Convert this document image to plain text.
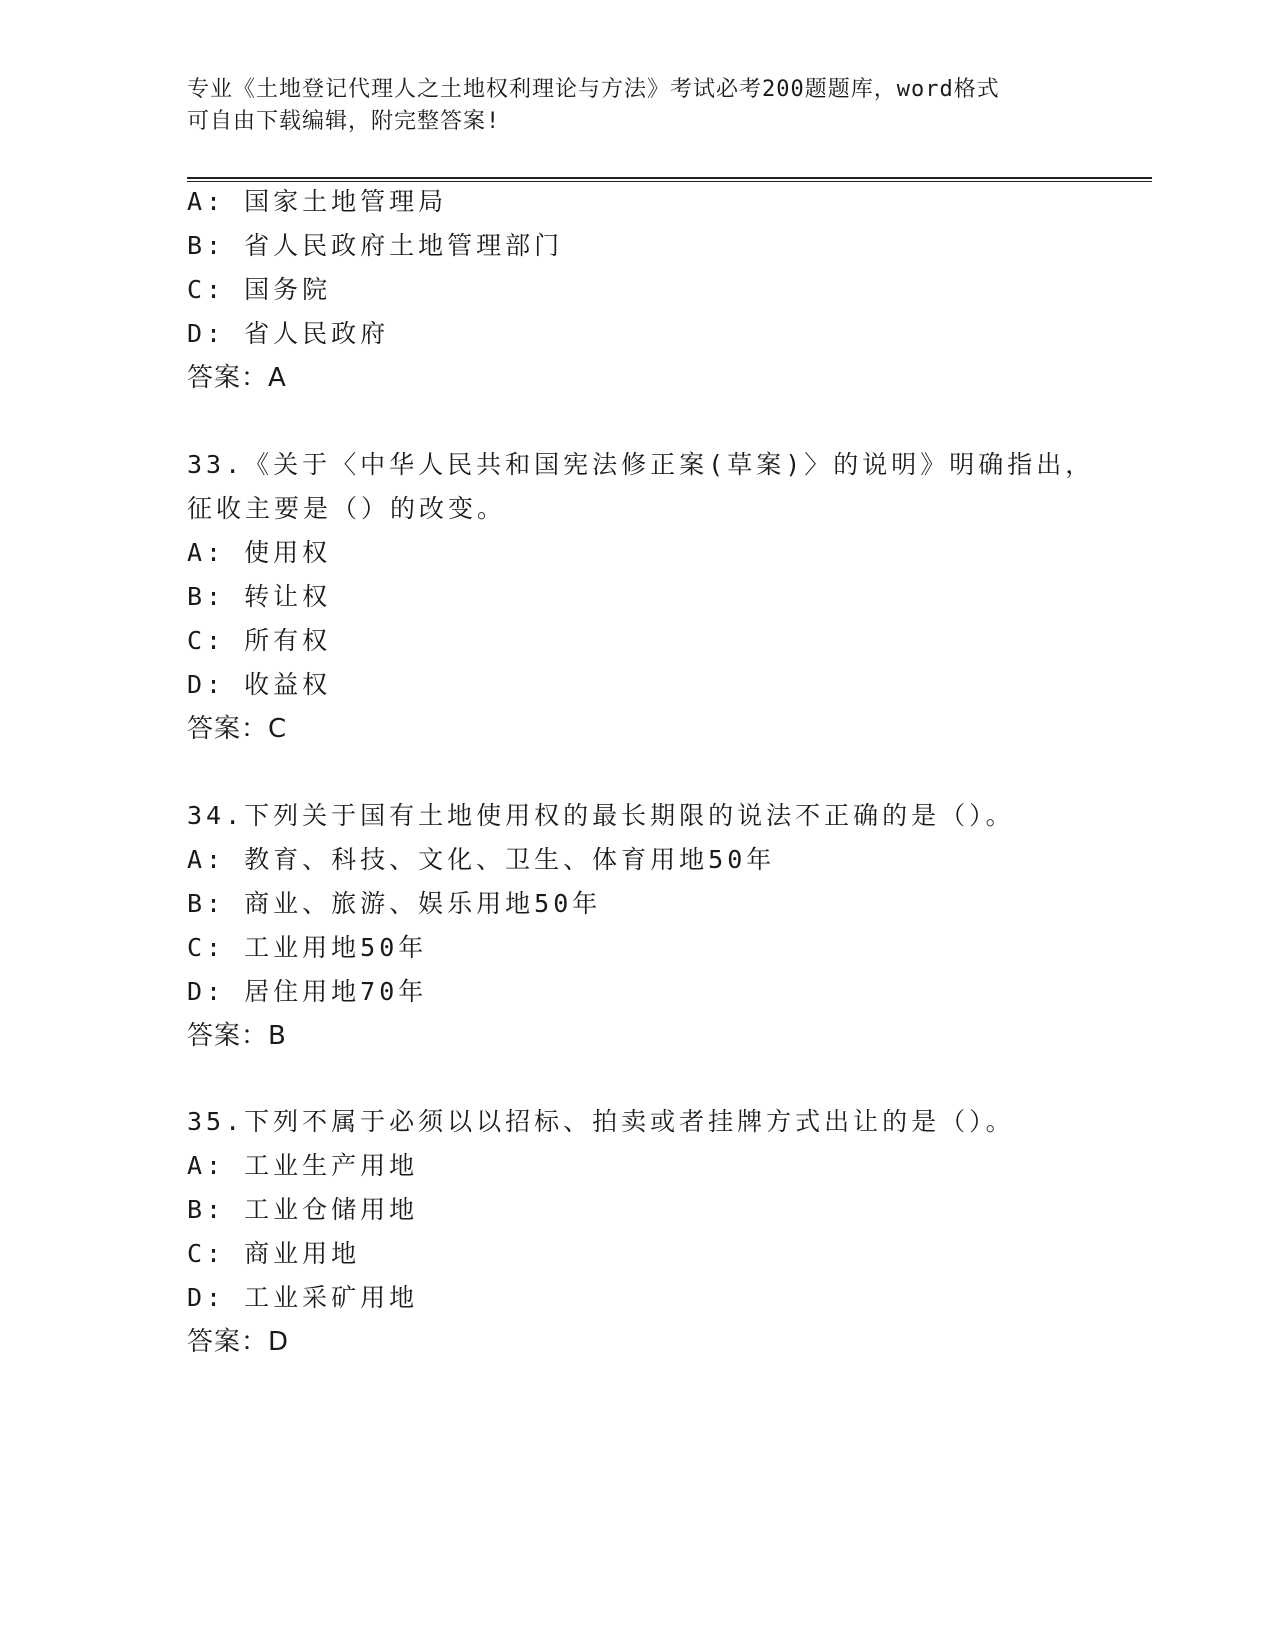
专业《土地登记代理人之土地权利理论与方法》考试必考200题题库，word格式
可自由下载编辑，附完整答案!
A: 国家土地管理局
B: 省人民政府土地管理部门
C: 国务院
D: 省人民政府
答案：A
33.《关于〈中华人民共和国宪法修正案(草案)〉的说明》明确指出，
征收主要是（）的改变。
A: 使用权
B: 转让权
C: 所有权
D: 收益权
答案：C
34.下列关于国有土地使用权的最长期限的说法不正确的是（）。
A: 教育、科技、文化、卫生、体育用地50年
B: 商业、旅游、娱乐用地50年
C: 工业用地50年
D: 居住用地70年
答案：B
35.下列不属于必须以以招标、拍卖或者挂牌方式出让的是（）。
A: 工业生产用地
B: 工业仓储用地
C: 商业用地
D: 工业采矿用地
答案：D
